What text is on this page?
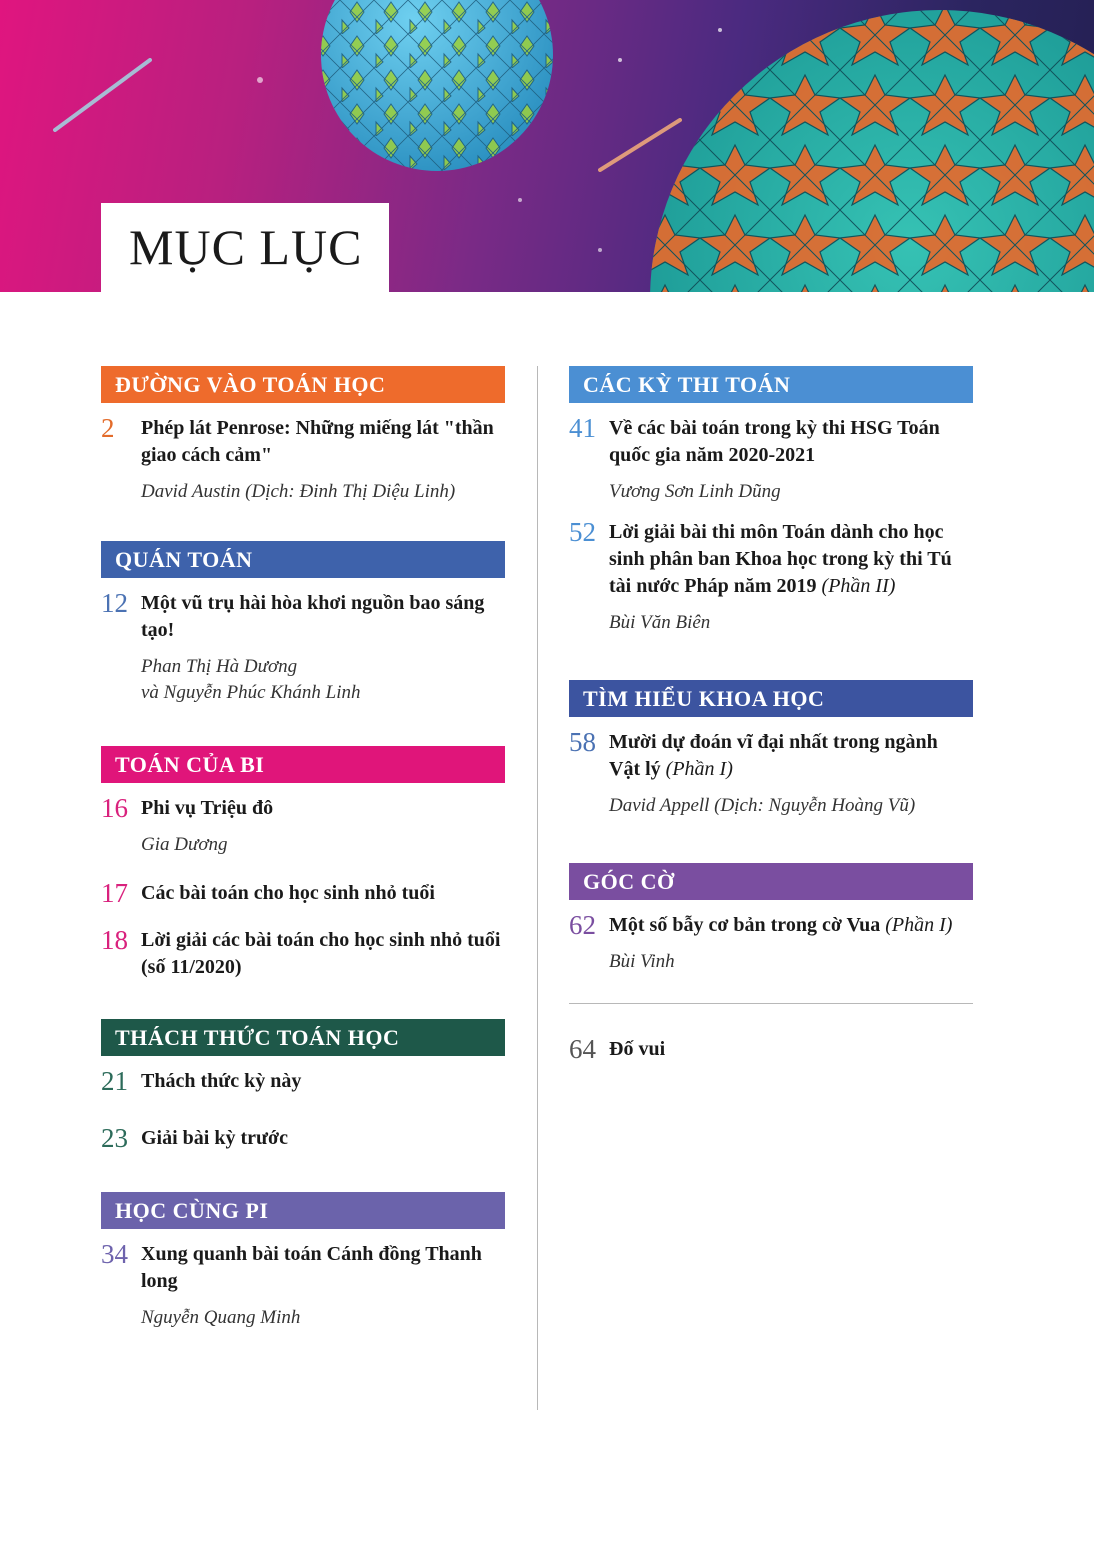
MỤC LỤC
ĐƯỜNG VÀO TOÁN HỌC
2 Phép lát Penrose: Những miếng lát "thần giao cách cảm"
David Austin (Dịch: Đinh Thị Diệu Linh)
QUÁN TOÁN
12 Một vũ trụ hài hòa khơi nguồn bao sáng tạo!
Phan Thị Hà Dương
và Nguyễn Phúc Khánh Linh
TOÁN CỦA BI
16 Phi vụ Triệu đô
Gia Dương
17 Các bài toán cho học sinh nhỏ tuổi
18 Lời giải các bài toán cho học sinh nhỏ tuổi (số 11/2020)
THÁCH THỨC TOÁN HỌC
21 Thách thức kỳ này
23 Giải bài kỳ trước
HỌC CÙNG PI
34 Xung quanh bài toán Cánh đồng Thanh long
Nguyễn Quang Minh
CÁC KỲ THI TOÁN
41 Về các bài toán trong kỳ thi HSG Toán quốc gia năm 2020-2021
Vương Sơn Linh Dũng
52 Lời giải bài thi môn Toán dành cho học sinh phân ban Khoa học trong kỳ thi Tú tài nước Pháp năm 2019 (Phần II)
Bùi Văn Biên
TÌM HIỂU KHOA HỌC
58 Mười dự đoán vĩ đại nhất trong ngành Vật lý (Phần I)
David Appell (Dịch: Nguyễn Hoàng Vũ)
GÓC CỜ
62 Một số bẫy cơ bản trong cờ Vua (Phần I)
Bùi Vinh
64 Đố vui
